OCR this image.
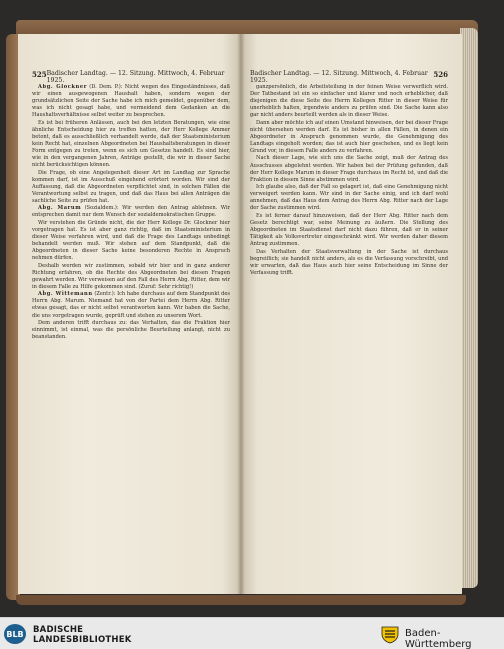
525 Badischer Landtag. — 12. Sitzung. Mittwoch, 4. Februar 1925.

Abg. Glockner (D. Dem. P.): Nicht wegen des Eingeständnisses, daß wir einen ausgewogenen Haushalt haben, sondern wegen der grundsätzlichen Seite der Sache habe ich mich gemeldet, gegenüber dem, was ich nicht gesagt habe, und vermeidend dem Gedanken an die Haushaltsverhältnisse selbst weiter zu besprechen.

Es ist bei früheren Anlässen, auch bei den letzten Beratungen, wie eine ähnliche Entscheidung hier zu treffen hatten, der Herr Kollege Ammer betont, daß es ausschließlich verhandelt werde, daß der Staatsministerium kein Recht hat, einzelnen Abgeordneten bei Haushaltsberatungen in dieser Form entgegen zu treten, wenn es sich um Gesetze handelt. Es sind hier, wie in den vergangenen Jahren, Anträge gestellt, die wir in dieser Sache nicht berücksichtigen können.

Die Frage, ob eine Angelegenheit dieser Art im Landtag zur Sprache kommen darf, ist im Ausschuß eingehend erörtert worden. Wir sind der Auffassung, daß die Abgeordneten verpflichtet sind, in solchen Fällen die Verantwortung selbst zu tragen, und daß das Haus bei allen Anträgen die sachliche Seite zu prüfen hat.

Abg. Marum (Sozialdem.): Wir werden den Antrag ablehnen. Wir entsprechen damit nur dem Wunsch der sozialdemokratischen Gruppe.

Wir verstehen die Gründe nicht, die der Herr Kollege Dr. Glockner hier vorgetragen hat. Es ist aber ganz richtig, daß im Staatsministerium in dieser Weise verfahren wird, und daß die Frage des Landtags unbedingt behandelt werden muß. Wir stehen auf dem Standpunkt, daß die Abgeordneten in dieser Sache keine besonderen Rechte in Anspruch nehmen dürfen.

Deshalb werden wir zustimmen, sobald wir hier und in ganz anderer Richtung erfahren, ob die Rechte des Abgeordneten bei diesen Fragen gewahrt werden. Wir verweisen auf den Fall des Herrn Abg. Ritter, dem wir in diesem Falle zu Hilfe gekommen sind. (Zuruf: Sehr richtig!)

Abg. Wittemann (Zentr.): Ich habe durchaus auf dem Standpunkt des Herrn Abg. Marum. Niemand hat von der Partei dem Herrn Abg. Ritter etwas gesagt, das er nicht selbst verantworten kann. Wir haben die Sache, die uns vorgetragen wurde, geprüft und stehen zu unserem Wort.

Dem anderen trifft durchaus zu: das Verhalten, das die Fraktion hier einnimmt, ist einmal, was die persönliche Beurteilung anlangt, nicht zu beanstanden.

Badischer Landtag. — 12. Sitzung. Mittwoch, 4. Februar 1925.
526

ganzpersönlich, die Arbeitsteilung in der feinen Weise verwerflich wird. Der Tatbestand ist ein so einfacher und klarer und noch erheblicher, daß diejenigen die diese Seite des Herrn Kollegen Ritter in dieser Weise für unerheblich halten, irgendwie anders zu prüfen sind. Die Sache kann also gar nicht anders beurteilt werden als in dieser Weise.

Dann aber möchte ich auf einen Umstand hinweisen, der bei dieser Frage nicht übersehen werden darf. Es ist bisher in allen Fällen, in denen ein Abgeordneter in Anspruch genommen wurde, die Genehmigung des Landtags eingeholt worden; das ist auch hier geschehen, und es liegt kein Grund vor, in diesem Falle anders zu verfahren.

Nach dieser Lage, wie sich uns die Sache zeigt, muß der Antrag des Ausschusses abgelehnt werden. Wir haben bei der Prüfung gefunden, daß der Herr Kollege Marum in dieser Frage durchaus im Recht ist, und daß die Fraktion in diesem Sinne abstimmen wird.

Ich glaube also, daß der Fall so gelagert ist, daß eine Genehmigung nicht verweigert werden kann. Wir sind in der Sache einig, und ich darf wohl annehmen, daß das Haus dem Antrag des Herrn Abg. Ritter nach der Lage der Sache zustimmen wird.

Es ist ferner darauf hinzuweisen, daß der Herr Abg. Ritter nach dem Gesetz berechtigt war, seine Meinung zu äußern. Die Stellung des Abgeordneten im Staatsdienst darf nicht dazu führen, daß er in seiner Tätigkeit als Volksvertreter eingeschränkt wird. Wir werden daher diesem Antrag zustimmen.

Das Verhalten der Staatsverwaltung in der Sache ist durchaus begreiflich; sie handelt nicht anders, als es die Verfassung vorschreibt, und wir erwarten, daß das Haus auch hier seine Entscheidung im Sinne der Verfassung trifft.

BLB BADISCHE
LANDESBIBLIOTHEK
Baden-Württemberg
